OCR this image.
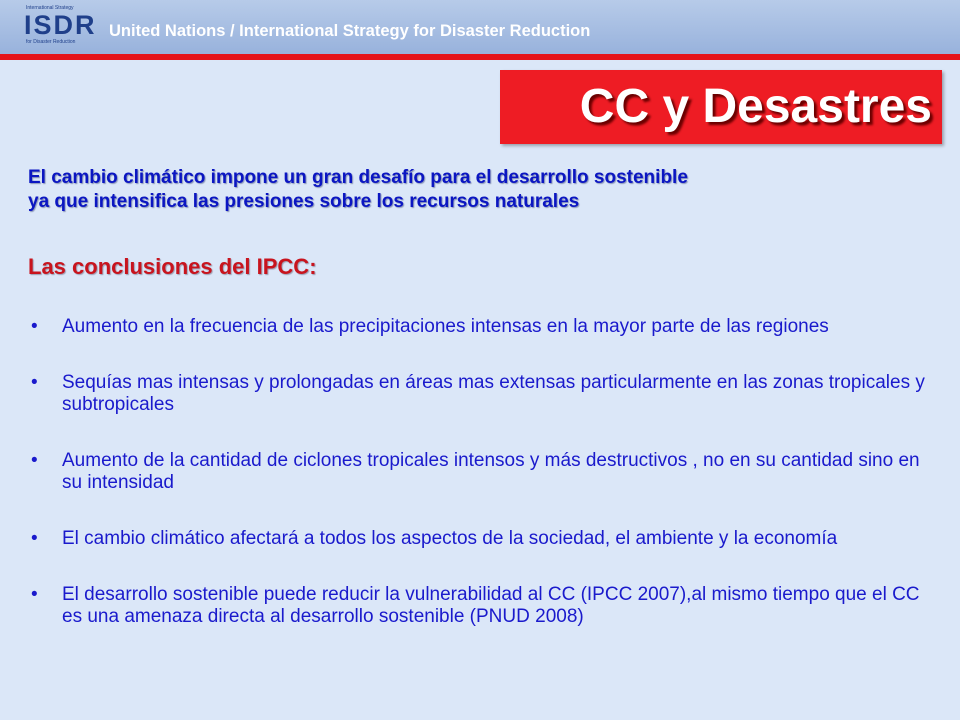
International Strategy
ISDR
for Disaster Reduction
United Nations / International Strategy for Disaster Reduction
CC y Desastres
El cambio climático impone un gran desafío para el desarrollo sostenible
ya que intensifica las presiones sobre los recursos naturales
Las conclusiones del IPCC:
• Aumento en la frecuencia de las precipitaciones intensas en la mayor parte de las regiones
• Sequías mas intensas y prolongadas en áreas mas extensas particularmente en las zonas tropicales y subtropicales
• Aumento de la cantidad de ciclones tropicales intensos y más destructivos , no en su cantidad sino en su intensidad
• El cambio climático afectará a todos los aspectos de la sociedad, el ambiente y la economía
• El desarrollo sostenible puede reducir la vulnerabilidad al CC (IPCC 2007),al mismo tiempo que el CC es una amenaza directa al desarrollo sostenible (PNUD 2008)
